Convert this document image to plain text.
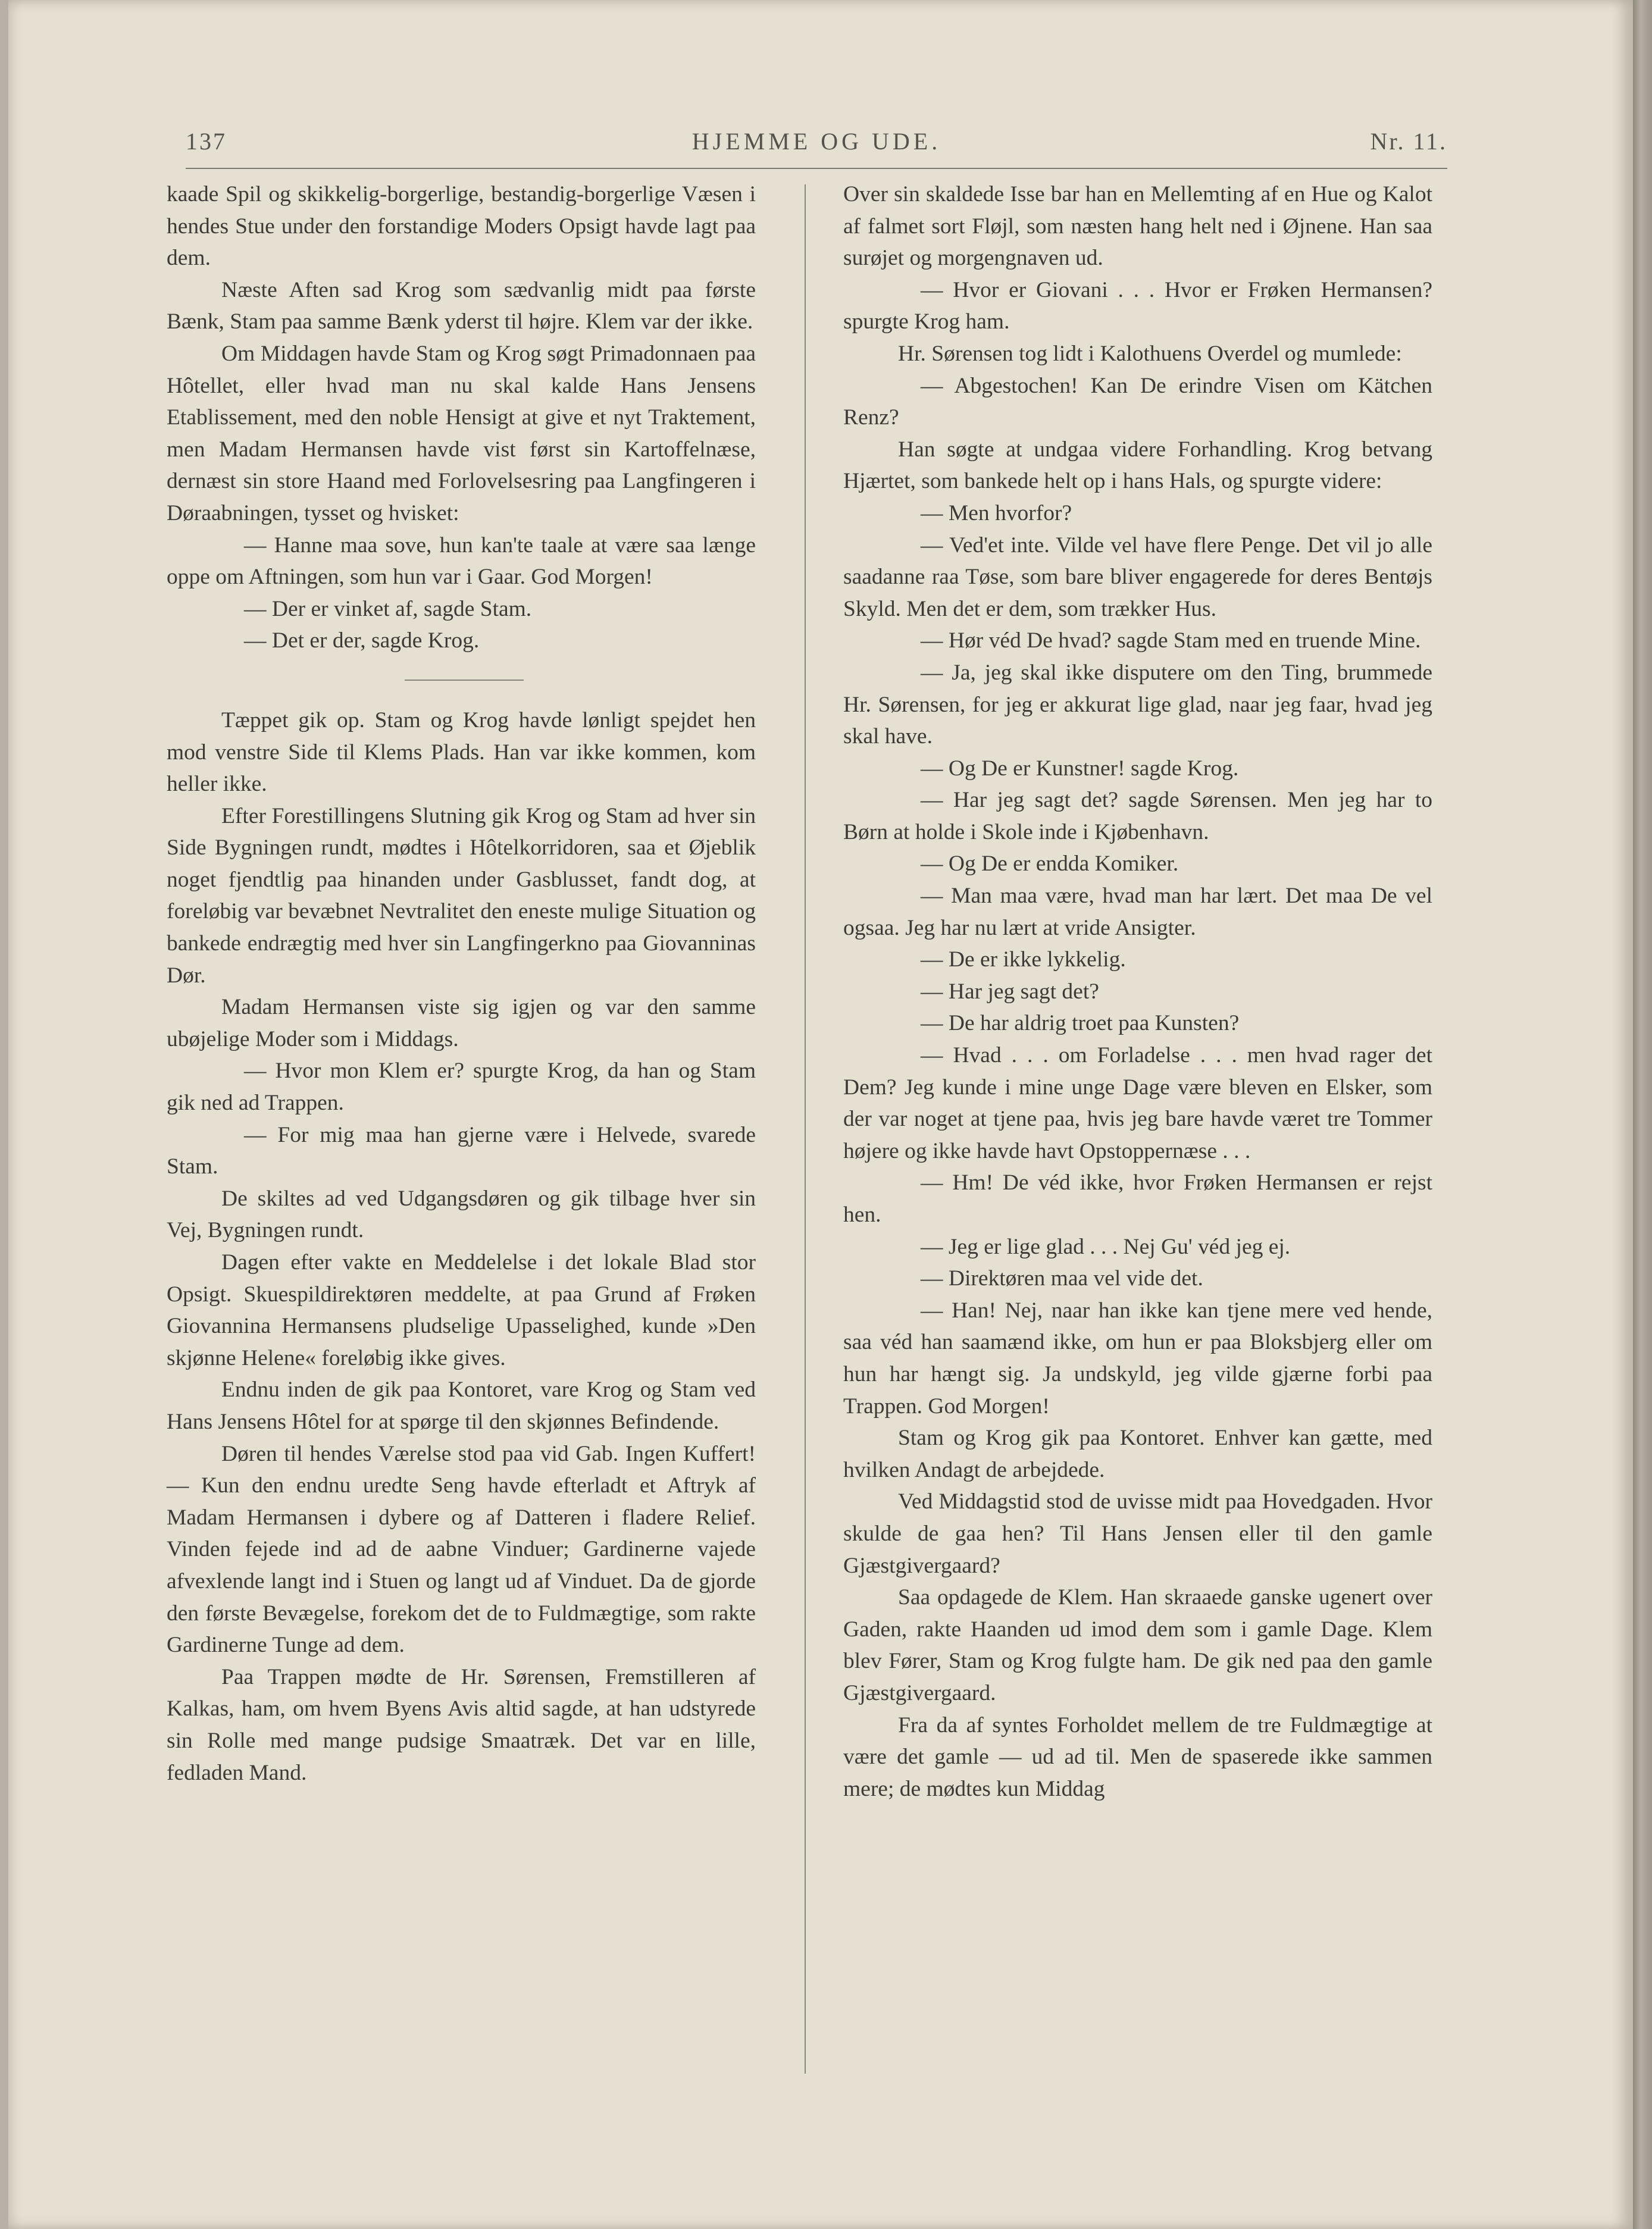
137	HJEMME OG UDE.	Nr. 11.

kaade Spil og skikkelig-borgerlige, bestandig-borgerlige Væsen i hendes Stue under den forstandige Moders Opsigt havde lagt paa dem.

Næste Aften sad Krog som sædvanlig midt paa første Bænk, Stam paa samme Bænk yderst til højre. Klem var der ikke.

Om Middagen havde Stam og Krog søgt Primadonnaen paa Hôtellet, eller hvad man nu skal kalde Hans Jensens Etablissement, med den noble Hensigt at give et nyt Traktement, men Madam Hermansen havde vist først sin Kartoffelnæse, dernæst sin store Haand med Forlovelsesring paa Langfingeren i Døraabningen, tysset og hvisket:

— Hanne maa sove, hun kan'te taale at være saa længe oppe om Aftningen, som hun var i Gaar. God Morgen!

— Der er vinket af, sagde Stam.

— Det er der, sagde Krog.

Tæppet gik op. Stam og Krog havde lønligt spejdet hen mod venstre Side til Klems Plads. Han var ikke kommen, kom heller ikke.

Efter Forestillingens Slutning gik Krog og Stam ad hver sin Side Bygningen rundt, mødtes i Hôtelkorridoren, saa et Øjeblik noget fjendtlig paa hinanden under Gasblusset, fandt dog, at foreløbig var bevæbnet Nevtralitet den eneste mulige Situation og bankede endrægtig med hver sin Langfingerkno paa Giovanninas Dør.

Madam Hermansen viste sig igjen og var den samme ubøjelige Moder som i Middags.

— Hvor mon Klem er? spurgte Krog, da han og Stam gik ned ad Trappen.

— For mig maa han gjerne være i Helvede, svarede Stam.

De skiltes ad ved Udgangsdøren og gik tilbage hver sin Vej, Bygningen rundt.

Dagen efter vakte en Meddelelse i det lokale Blad stor Opsigt. Skuespildirektøren meddelte, at paa Grund af Frøken Giovannina Hermansens pludselige Upasselighed, kunde »Den skjønne Helene« foreløbig ikke gives.

Endnu inden de gik paa Kontoret, vare Krog og Stam ved Hans Jensens Hôtel for at spørge til den skjønnes Befindende.

Døren til hendes Værelse stod paa vid Gab. Ingen Kuffert! — Kun den endnu uredte Seng havde efterladt et Aftryk af Madam Hermansen i dybere og af Datteren i fladere Relief. Vinden fejede ind ad de aabne Vinduer; Gardinerne vajede afvexlende langt ind i Stuen og langt ud af Vinduet. Da de gjorde den første Bevægelse, forekom det de to Fuldmægtige, som rakte Gardinerne Tunge ad dem.

Paa Trappen mødte de Hr. Sørensen, Fremstilleren af Kalkas, ham, om hvem Byens Avis altid sagde, at han udstyrede sin Rolle med mange pudsige Smaatræk. Det var en lille, fedladen Mand.

Over sin skaldede Isse bar han en Mellemting af en Hue og Kalot af falmet sort Fløjl, som næsten hang helt ned i Øjnene. Han saa surøjet og morgengnaven ud.

— Hvor er Giovani . . . Hvor er Frøken Hermansen? spurgte Krog ham.

Hr. Sørensen tog lidt i Kalothuens Overdel og mumlede:

— Abgestochen! Kan De erindre Visen om Kätchen Renz?

Han søgte at undgaa videre Forhandling. Krog betvang Hjærtet, som bankede helt op i hans Hals, og spurgte videre:

— Men hvorfor?

— Ved'et inte. Vilde vel have flere Penge. Det vil jo alle saadanne raa Tøse, som bare bliver engagerede for deres Bentøjs Skyld. Men det er dem, som trækker Hus.

— Hør véd De hvad? sagde Stam med en truende Mine.

— Ja, jeg skal ikke disputere om den Ting, brummede Hr. Sørensen, for jeg er akkurat lige glad, naar jeg faar, hvad jeg skal have.

— Og De er Kunstner! sagde Krog.

— Har jeg sagt det? sagde Sørensen. Men jeg har to Børn at holde i Skole inde i Kjøbenhavn.

— Og De er endda Komiker.

— Man maa være, hvad man har lært. Det maa De vel ogsaa. Jeg har nu lært at vride Ansigter.

— De er ikke lykkelig.

— Har jeg sagt det?

— De har aldrig troet paa Kunsten?

— Hvad . . . om Forladelse . . . men hvad rager det Dem? Jeg kunde i mine unge Dage være bleven en Elsker, som der var noget at tjene paa, hvis jeg bare havde været tre Tommer højere og ikke havde havt Opstoppernæse . . .

— Hm! De véd ikke, hvor Frøken Hermansen er rejst hen.

— Jeg er lige glad . . . Nej Gu' véd jeg ej.

— Direktøren maa vel vide det.

— Han! Nej, naar han ikke kan tjene mere ved hende, saa véd han saamænd ikke, om hun er paa Bloksbjerg eller om hun har hængt sig. Ja undskyld, jeg vilde gjærne forbi paa Trappen. God Morgen!

Stam og Krog gik paa Kontoret. Enhver kan gætte, med hvilken Andagt de arbejdede.

Ved Middagstid stod de uvisse midt paa Hovedgaden. Hvor skulde de gaa hen? Til Hans Jensen eller til den gamle Gjæstgivergaard?

Saa opdagede de Klem. Han skraaede ganske ugenert over Gaden, rakte Haanden ud imod dem som i gamle Dage. Klem blev Fører, Stam og Krog fulgte ham. De gik ned paa den gamle Gjæstgivergaard.

Fra da af syntes Forholdet mellem de tre Fuldmægtige at være det gamle — ud ad til. Men de spaserede ikke sammen mere; de mødtes kun Middag
